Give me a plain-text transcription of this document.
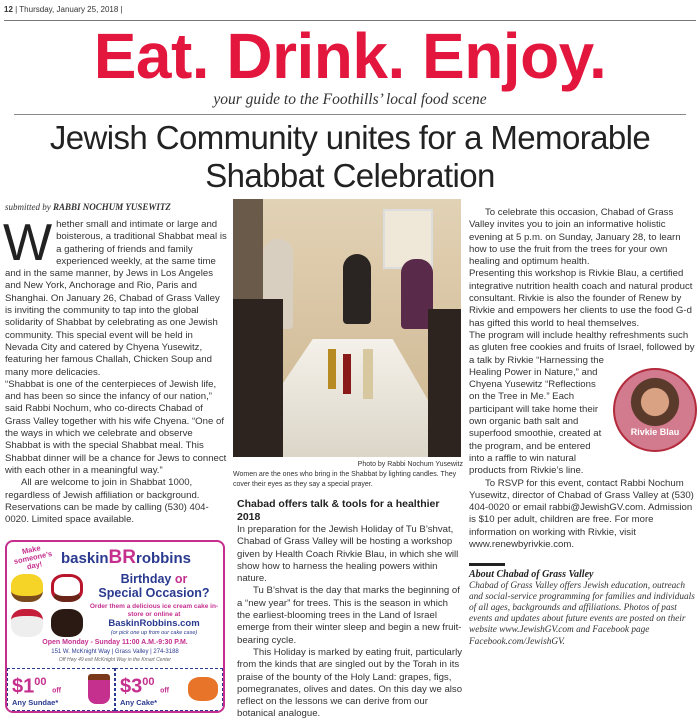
12 | Thursday, January 25, 2018 |
Eat. Drink. Enjoy.
your guide to the Foothills’ local food scene
Jewish Community unites for a Memorable Shabbat Celebration
submitted by RABBI NOCHUM YUSEWITZ

Whether small and intimate or large and boisterous, a traditional Shabbat meal is a gathering of friends and family experienced weekly, at the same time and in the same manner, by Jews in Los Angeles and New York, Anchorage and Rio, Paris and Shanghai. On January 26, Chabad of Grass Valley is inviting the community to tap into the global solidarity of Shabbat by celebrating as one Jewish community. This special event will be held in Nevada City and catered by Chyena Yusewitz, featuring her famous Challah, Chicken Soup and many more delicacies.

“Shabbat is one of the centerpieces of Jewish life, and has been so since the infancy of our nation,” said Rabbi Nochum, who co-directs Chabad of Grass Valley together with his wife Chyena. “One of the ways in which we celebrate and observe Shabbat is with the special Shabbat meal. This Shabbat dinner will be a chance for Jews to connect with each other in a meaningful way.”

All are welcome to join in Shabbat 1000, regardless of Jewish affiliation or background. Reservations can be made by calling (530) 404-0020. Limited space available.

Make someone’s day!	baskinBRrobbins
Birthday or
Special Occasion?
Order them a delicious ice cream cake in-store or online at
BaskinRobbins.com
(or pick one up from our cake case)
Open Monday - Sunday 11:00 A.M.-9:30 P.M.
151 W. McKnight Way | Grass Valley | 274-3188
Off Hwy 49 exit McKnight Way in the Kmart Center
$\$1^{00}$ off
Any Sundae*
$\$3^{00}$ off
Any Cake*
Photo by Rabbi Nochum Yusewitz
Women are the ones who bring in the Shabbat by lighting candles. They cover their eyes as they say a special prayer.
Chabad offers talk & tools for a healthier 2018

In preparation for the Jewish Holiday of Tu B’shvat, Chabad of Grass Valley will be hosting a workshop given by Health Coach Rivkie Blau, in which she will show how to harness the healing powers within nature.

Tu B’shvat is the day that marks the beginning of a “new year” for trees. This is the season in which the earliest-blooming trees in the Land of Israel emerge from their winter sleep and begin a new fruit-bearing cycle.

This Holiday is marked by eating fruit, particularly from the kinds that are singled out by the Torah in its praise of the bounty of the Holy Land: grapes, figs, pomegranates, olives and dates. On this day we also reflect on the lessons we can derive from our botanical analogue.

To celebrate this occasion, Chabad of Grass Valley invites you to join an informative holistic evening at 5 p.m. on Sunday, January 28, to learn how to use the fruit from the trees for your own healing and optimum health.

Presenting this workshop is Rivkie Blau, a certified integrative nutrition health coach and natural product consultant. Rivkie is also the founder of Renew by Rivkie and empowers her clients to use the food G-d has gifted this world to heal themselves.

Rivkie Blau
The program will include healthy refreshments such as gluten free cookies and fruits of Israel, followed by a talk by Rivkie “Harnessing the Healing Power in Nature,” and Chyena Yusewitz “Reflections on the Tree in Me.” Each participant will take home their own organic bath salt and superfood smoothie, created at the program, and be entered into a raffle to win natural products from Rivkie’s line.

To RSVP for this event, contact Rabbi Nochum Yusewitz, director of Chabad of Grass Valley at (530) 404-0020 or email rabbi@JewishGV.com. Admission is $10 per adult, children are free. For more information on working with Rivkie, visit www.renewbyrivkie.com.

About Chabad of Grass Valley

Chabad of Grass Valley offers Jewish education, outreach and social-service programming for families and individuals of all ages, backgrounds and affiliations. Photos of past events and updates about future events are posted on their website www.JewishGV.com and Facebook page Facebook.com/JewishGV.
